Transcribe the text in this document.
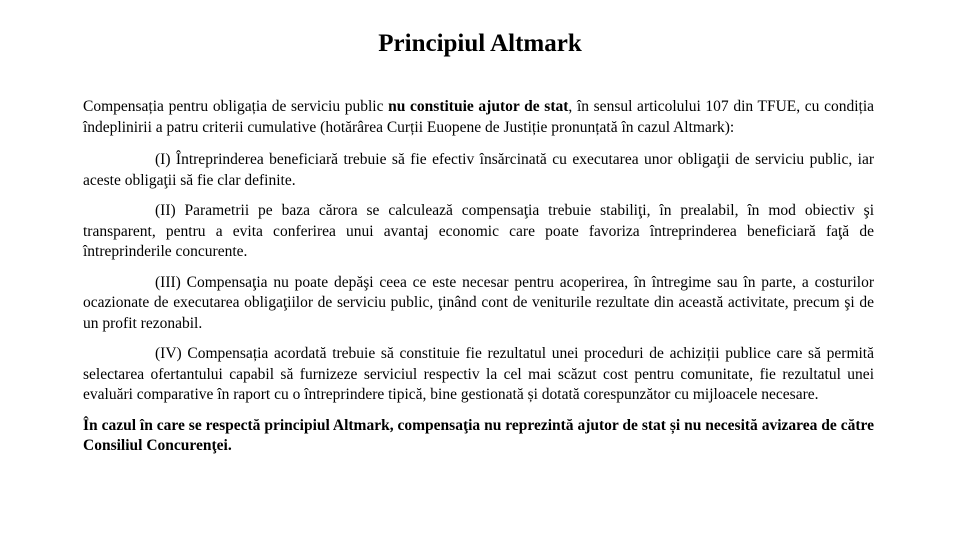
Principiul Altmark

Compensația pentru obligația de serviciu public nu constituie ajutor de stat, în sensul articolului 107 din TFUE, cu condiția îndeplinirii a patru criterii cumulative (hotărârea Curții Euopene de Justiție pronunțată în cazul Altmark):

(I) Întreprinderea beneficiară trebuie să fie efectiv însărcinată cu executarea unor obligaţii de serviciu public, iar aceste obligaţii să fie clar definite.

(II) Parametrii pe baza cărora se calculează compensaţia trebuie stabiliţi, în prealabil, în mod obiectiv şi transparent, pentru a evita conferirea unui avantaj economic care poate favoriza întreprinderea beneficiară faţă de întreprinderile concurente.

(III) Compensaţia nu poate depăşi ceea ce este necesar pentru acoperirea, în întregime sau în parte, a costurilor ocazionate de executarea obligaţiilor de serviciu public, ţinând cont de veniturile rezultate din această activitate, precum şi de un profit rezonabil.

(IV) Compensația acordată trebuie să constituie fie rezultatul unei proceduri de achiziții publice care să permită selectarea ofertantului capabil să furnizeze serviciul respectiv la cel mai scăzut cost pentru comunitate, fie rezultatul unei evaluări comparative în raport cu o întreprindere tipică, bine gestionată și dotată corespunzător cu mijloacele necesare.

În cazul în care se respectă principiul Altmark, compensaţia nu reprezintă ajutor de stat și nu necesită avizarea de către Consiliul Concurenţei.
